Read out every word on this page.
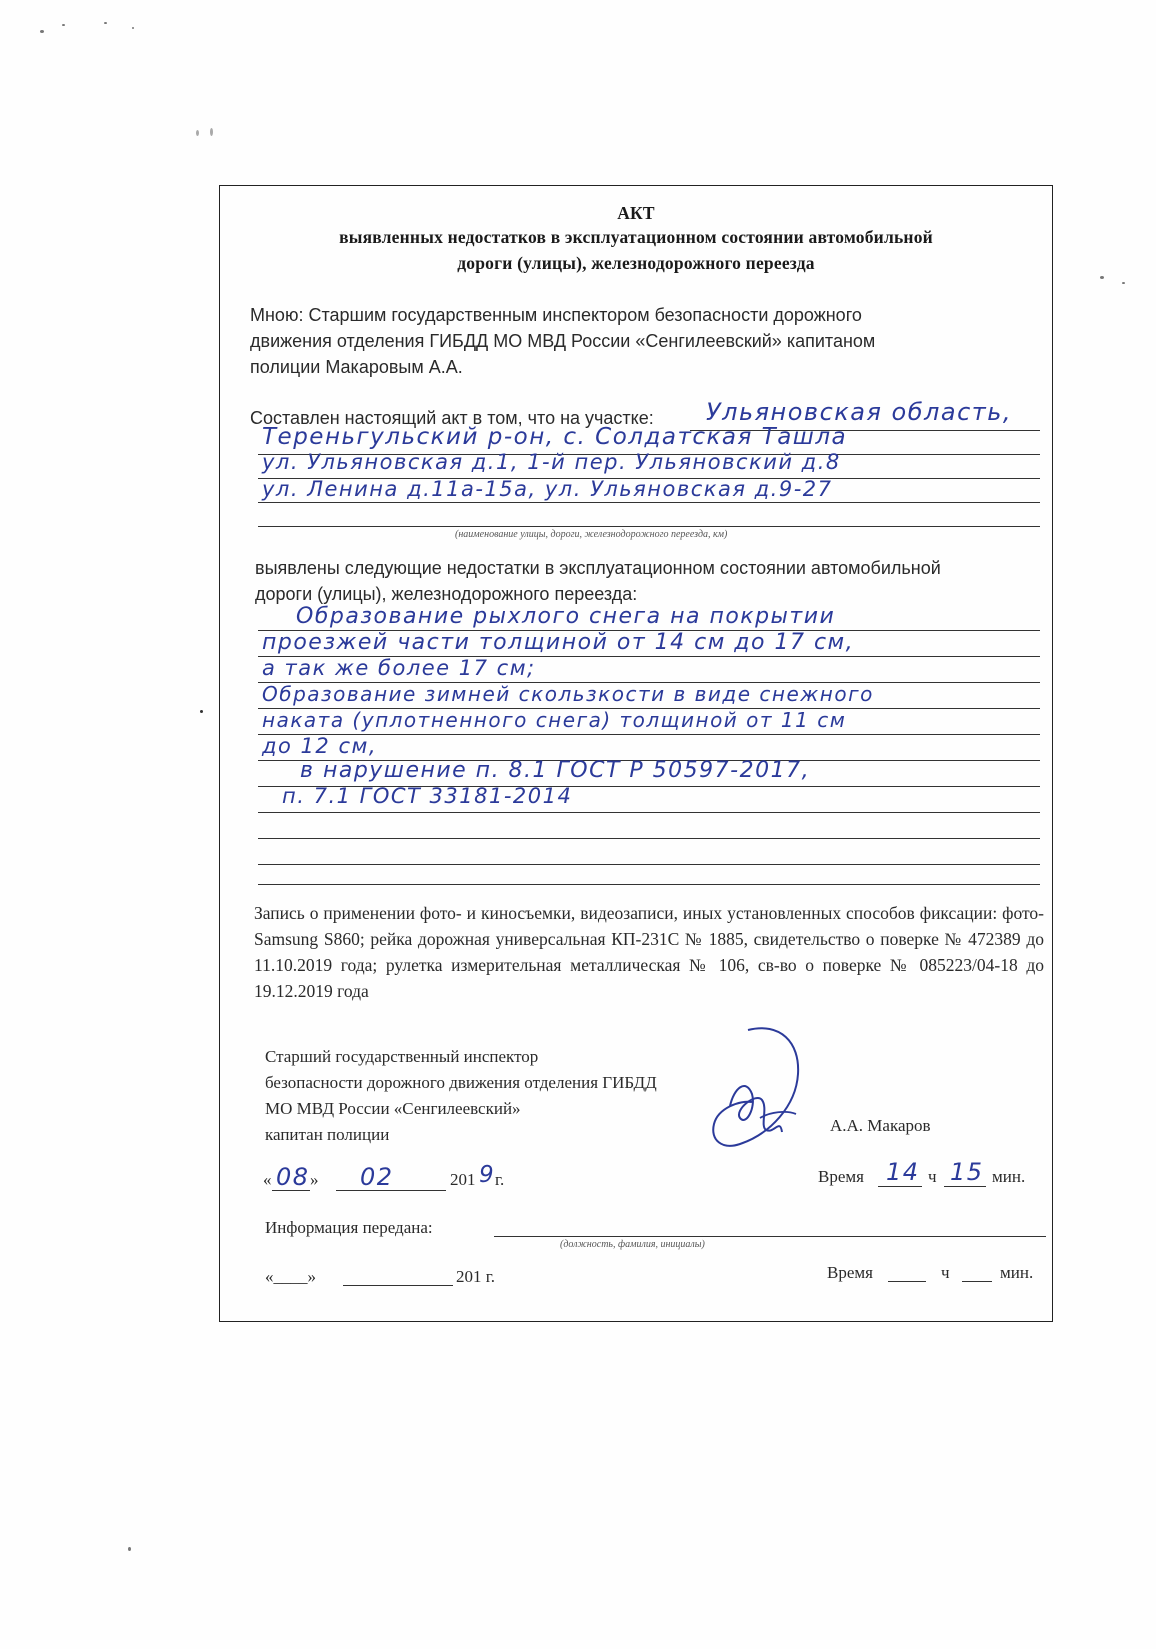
АКТ
выявленных недостатков в эксплуатационном состоянии автомобильной
дороги (улицы), железнодорожного переезда
Мною: Старшим государственным инспектором безопасности дорожного
движения отделения ГИБДД МО МВД России «Сенгилеевский» капитаном
полиции Макаровым А.А.
Составлен настоящий акт в том, что на участке: Ульяновская область,
Тереньгульский р-он, с. Солдатская Ташла
ул. Ульяновская д.1, 1-й пер. Ульяновский д.8
ул. Ленина д.11а-15а, ул. Ульяновская д.9-27
(наименование улицы, дороги, железнодорожного переезда, км)
выявлены следующие недостатки в эксплуатационном состоянии автомобильной
дороги (улицы), железнодорожного переезда:
Образование рыхлого снега на покрытии
проезжей части толщиной от 14 см до 17 см,
а так же более 17 см;
Образование зимней скользкости в виде снежного
наката (уплотненного снега) толщиной от 11 см
до 12 см,
в нарушение п. 8.1 ГОСТ Р 50597-2017,
п. 7.1 ГОСТ 33181-2014
Запись о применении фото- и киносъемки, видеозаписи, иных установленных способов фиксации: фото-Samsung S860; рейка дорожная универсальная КП-231С № 1885, свидетельство о поверке № 472389 до 11.10.2019 года; рулетка измерительная металлическая № 106, св-во о поверке № 085223/04-18 до 19.12.2019 года
Старший государственный инспектор
безопасности дорожного движения отделения ГИБДД
МО МВД России «Сенгилеевский»
капитан полиции	А.А. Макаров
« 08 » 02	201 9 г.	Время 14 ч 15 мин.
Информация передана:
(должность, фамилия, инициалы)
«____»	201 г.	Время	ч	мин.
